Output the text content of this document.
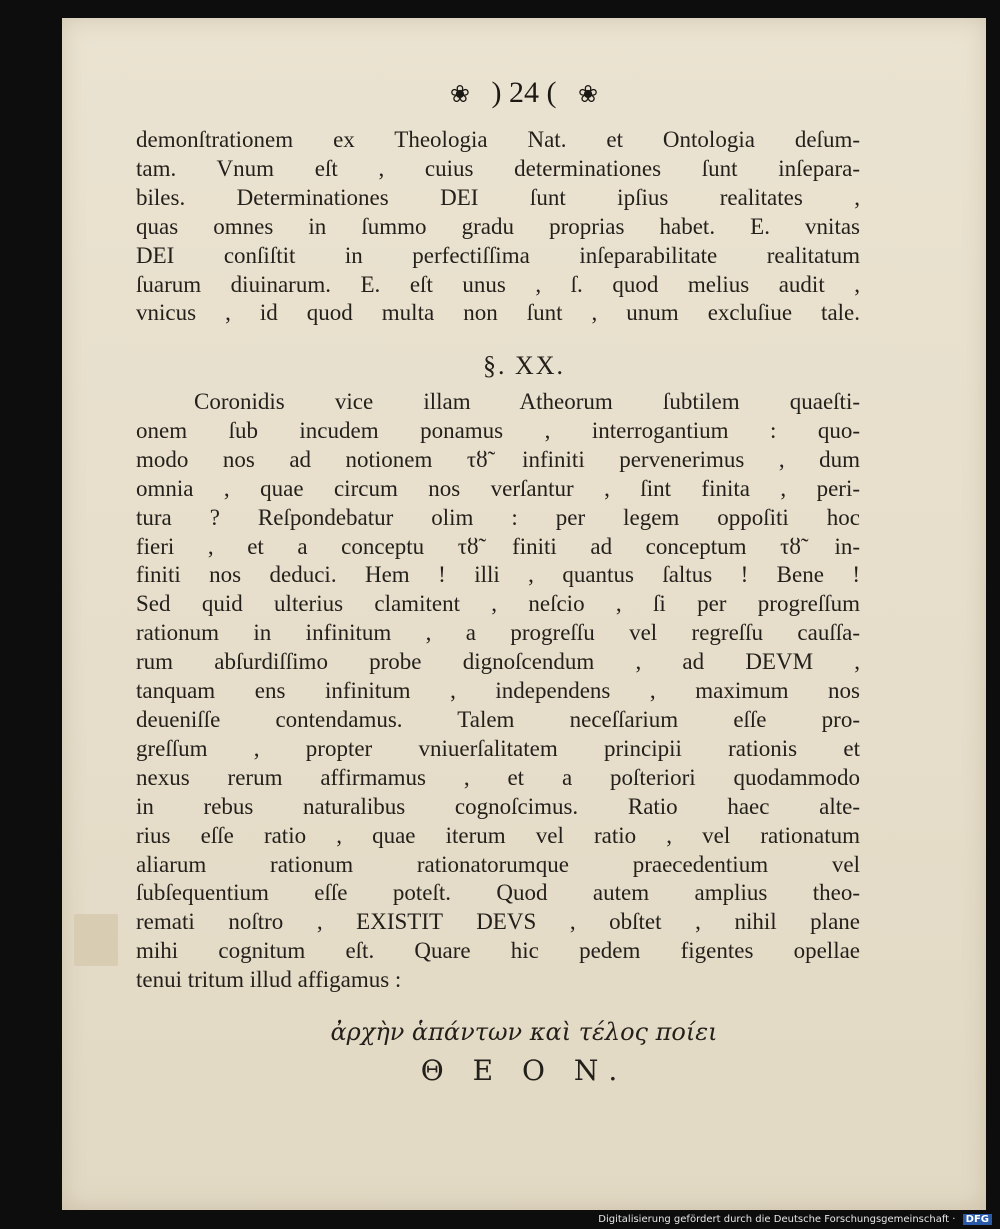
❀ ) 24 ( ❀
demonſtrationem ex Theologia Nat. et Ontologia deſum-
tam. Vnum eſt , cuius determinationes ſunt inſepara-
biles. Determinationes DEI ſunt ipſius realitates ,
quas omnes in ſummo gradu proprias habet. E. vnitas
DEI conſiſtit in perfectiſſima inſeparabilitate realitatum
ſuarum diuinarum. E. eſt unus , ſ. quod melius audit ,
vnicus , id quod multa non ſunt , unum excluſiue tale.
§. XX.
Coronidis vice illam Atheorum ſubtilem quaeſti-
onem ſub incudem ponamus , interrogantium : quo-
modo nos ad notionem τȣ̃ infiniti pervenerimus , dum
omnia , quae circum nos verſantur , ſint finita , peri-
tura ? Reſpondebatur olim : per legem oppoſiti hoc
fieri , et a conceptu τȣ̃ finiti ad conceptum τȣ̃ in-
finiti nos deduci. Hem ! illi , quantus ſaltus ! Bene !
Sed quid ulterius clamitent , neſcio , ſi per progreſſum
rationum in infinitum , a progreſſu vel regreſſu cauſſa-
rum abſurdiſſimo probe dignoſcendum , ad DEVM ,
tanquam ens infinitum , independens , maximum nos
deueniſſe contendamus. Talem neceſſarium eſſe pro-
greſſum , propter vniuerſalitatem principii rationis et
nexus rerum affirmamus , et a poſteriori quodammodo
in rebus naturalibus cognoſcimus. Ratio haec alte-
rius eſſe ratio , quae iterum vel ratio , vel rationatum
aliarum rationum rationatorumque praecedentium vel
ſubſequentium eſſe poteſt. Quod autem amplius theo-
remati noſtro , EXISTIT DEVS , obſtet , nihil plane
mihi cognitum eſt. Quare hic pedem figentes opellae
tenui tritum illud affigamus :
ἀρχὴν ἁπάντων καὶ τέλος ποίει
Θ Ε Ο Ν.
Digitalisierung gefördert durch die Deutsche Forschungsgemeinschaft · DFG
